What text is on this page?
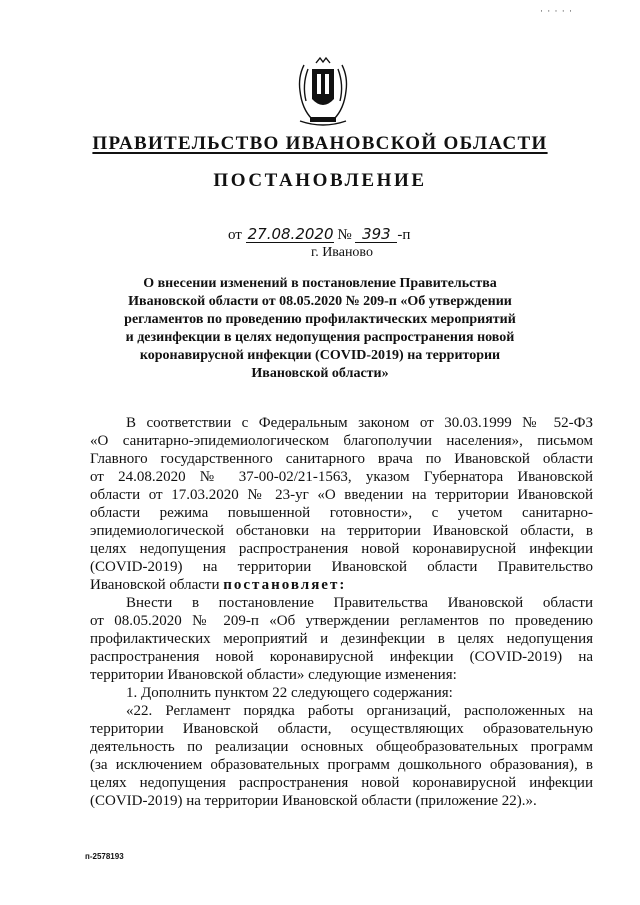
· · · · ·
ПРАВИТЕЛЬСТВО ИВАНОВСКОЙ ОБЛАСТИ
ПОСТАНОВЛЕНИЕ
от 27.08.2020 № 393 -п
г. Иваново
О внесении изменений в постановление Правительства
Ивановской области от 08.05.2020 № 209-п «Об утверждении
регламентов по проведению профилактических мероприятий
и дезинфекции в целях недопущения распространения новой
коронавирусной инфекции (COVID-2019) на территории
Ивановской области»
В соответствии с Федеральным законом от 30.03.1999 № 52-ФЗ
«О санитарно-эпидемиологическом благополучии населения», письмом
Главного государственного санитарного врача по Ивановской области
от 24.08.2020 № 37-00-02/21-1563, указом Губернатора Ивановской
области от 17.03.2020 № 23-уг «О введении на территории Ивановской
области режима повышенной готовности», с учетом санитарно-
эпидемиологической обстановки на территории Ивановской области, в
целях недопущения распространения новой коронавирусной инфекции
(COVID-2019) на территории Ивановской области Правительство
Ивановской области постановляет:
Внести в постановление Правительства Ивановской области
от 08.05.2020 № 209-п «Об утверждении регламентов по проведению
профилактических мероприятий и дезинфекции в целях недопущения
распространения новой коронавирусной инфекции (COVID-2019) на
территории Ивановской области» следующие изменения:
1. Дополнить пунктом 22 следующего содержания:
«22. Регламент порядка работы организаций, расположенных на
территории Ивановской области, осуществляющих образовательную
деятельность по реализации основных общеобразовательных программ
(за исключением образовательных программ дошкольного образования), в
целях недопущения распространения новой коронавирусной инфекции
(COVID-2019) на территории Ивановской области (приложение 22).».
п-2578193
